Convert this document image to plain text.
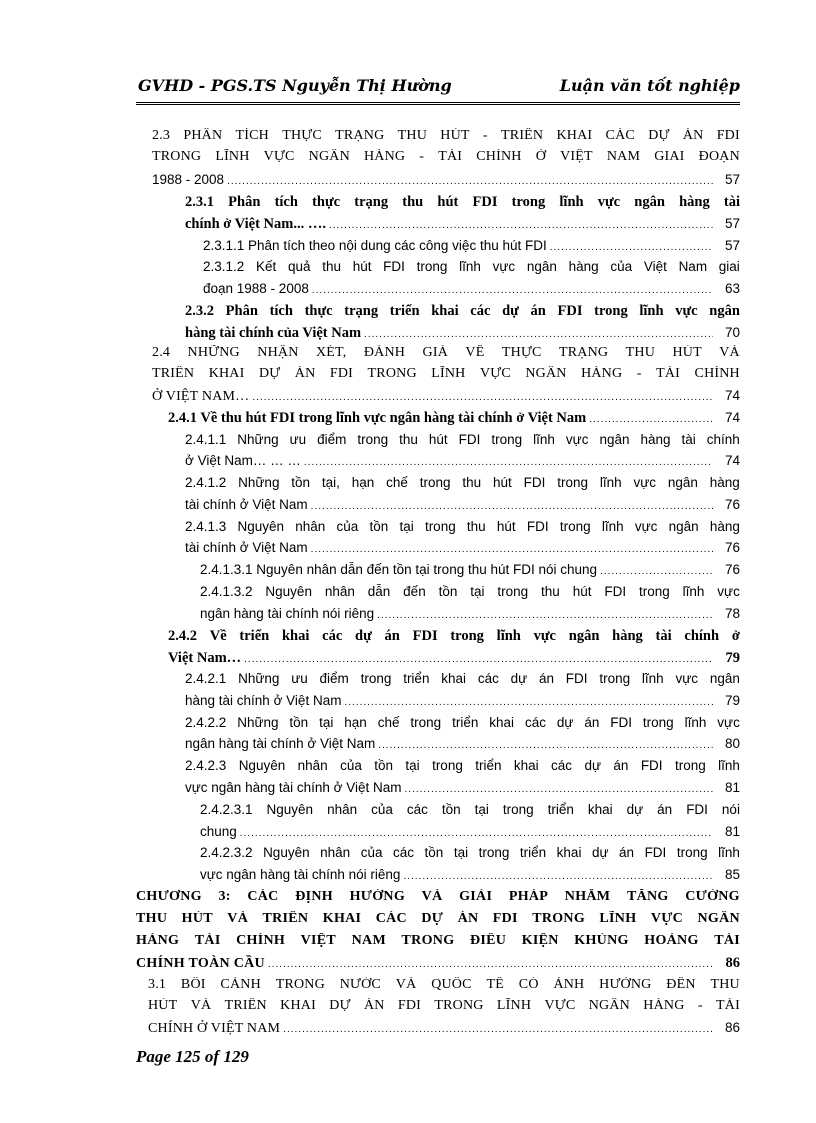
GVHD - PGS.TS Nguyễn Thị Hường	Luận văn tốt nghiệp
2.3 PHÂN TÍCH THỰC TRẠNG THU HÚT - TRIỂN KHAI CÁC DỰ ÁN FDI
TRONG LĨNH VỰC NGÂN HÀNG - TÀI CHÍNH Ở VIỆT NAM GIAI ĐOẠN
1988 - 2008 .....	57
2.3.1 Phân tích thực trạng thu hút FDI trong lĩnh vực ngân hàng tài
chính ở Việt Nam... …. .....	57
2.3.1.1 Phân tích theo nội dung các công việc thu hút FDI .....	57
2.3.1.2 Kết quả thu hút FDI trong lĩnh vực ngân hàng của Việt Nam giai
đoạn 1988 - 2008 .....	63
2.3.2 Phân tích thực trạng triển khai các dự án FDI trong lĩnh vực ngân
hàng tài chính của Việt Nam .....	70
2.4 NHỮNG NHẬN XÉT, ĐÁNH GIÁ VỀ THỰC TRẠNG THU HÚT VÀ
TRIỂN KHAI DỰ ÁN FDI TRONG LĨNH VỰC NGÂN HÀNG - TÀI CHÍNH
Ở VIỆT NAM… .....	74
2.4.1 Về thu hút FDI trong lĩnh vực ngân hàng tài chính ở Việt Nam .....	74
2.4.1.1 Những ưu điểm trong thu hút FDI trong lĩnh vực ngân hàng tài chính
ở Việt Nam… … … .....	74
2.4.1.2 Những tồn tại, hạn chế trong thu hút FDI trong lĩnh vực ngân hàng
tài chính ở Việt Nam .....	76
2.4.1.3 Nguyên nhân của tồn tại trong thu hút FDI trong lĩnh vực ngân hàng
tài chính ở Việt Nam .....	76
2.4.1.3.1 Nguyên nhân dẫn đến tồn tại trong thu hút FDI nói chung .....	76
2.4.1.3.2 Nguyên nhân dẫn đến tồn tại trong thu hút FDI trong lĩnh vực
ngân hàng tài chính nói riêng .....	78
2.4.2 Về triển khai các dự án FDI trong lĩnh vực ngân hàng tài chính ở
Việt Nam… .....	79
2.4.2.1 Những ưu điểm trong triển khai các dự án FDI trong lĩnh vực ngân
hàng tài chính ở Việt Nam .....	79
2.4.2.2 Những tồn tại hạn chế trong triển khai các dự án FDI trong lĩnh vực
ngân hàng tài chính ở Việt Nam .....	80
2.4.2.3 Nguyên nhân của tồn tại trong triển khai các dự án FDI trong lĩnh
vực ngân hàng tài chính ở Việt Nam .....	81
2.4.2.3.1 Nguyên nhân của các tồn tại trong triển khai dự án FDI nói
chung .....	81
2.4.2.3.2 Nguyên nhân của các tồn tại trong triển khai dự án FDI trong lĩnh
vực ngân hàng tài chính nói riêng .....	85
CHƯƠNG 3: CÁC ĐỊNH HƯỚNG VÀ GIẢI PHÁP NHẰM TĂNG CƯỜNG
THU HÚT VÀ TRIỂN KHAI CÁC DỰ ÁN FDI TRONG LĨNH VỰC NGÂN
HÀNG TÀI CHÍNH VIỆT NAM TRONG ĐIỀU KIỆN KHỦNG HOẢNG TÀI
CHÍNH TOÀN CẦU .....	86
3.1 BỐI CẢNH TRONG NƯỚC VÀ QUỐC TẾ CÓ ẢNH HƯỞNG ĐẾN THU
HÚT VÀ TRIỂN KHAI DỰ ÁN FDI TRONG LĨNH VỰC NGÂN HÀNG - TÀI
CHÍNH Ở VIỆT NAM .....	86
Page 125 of 129
